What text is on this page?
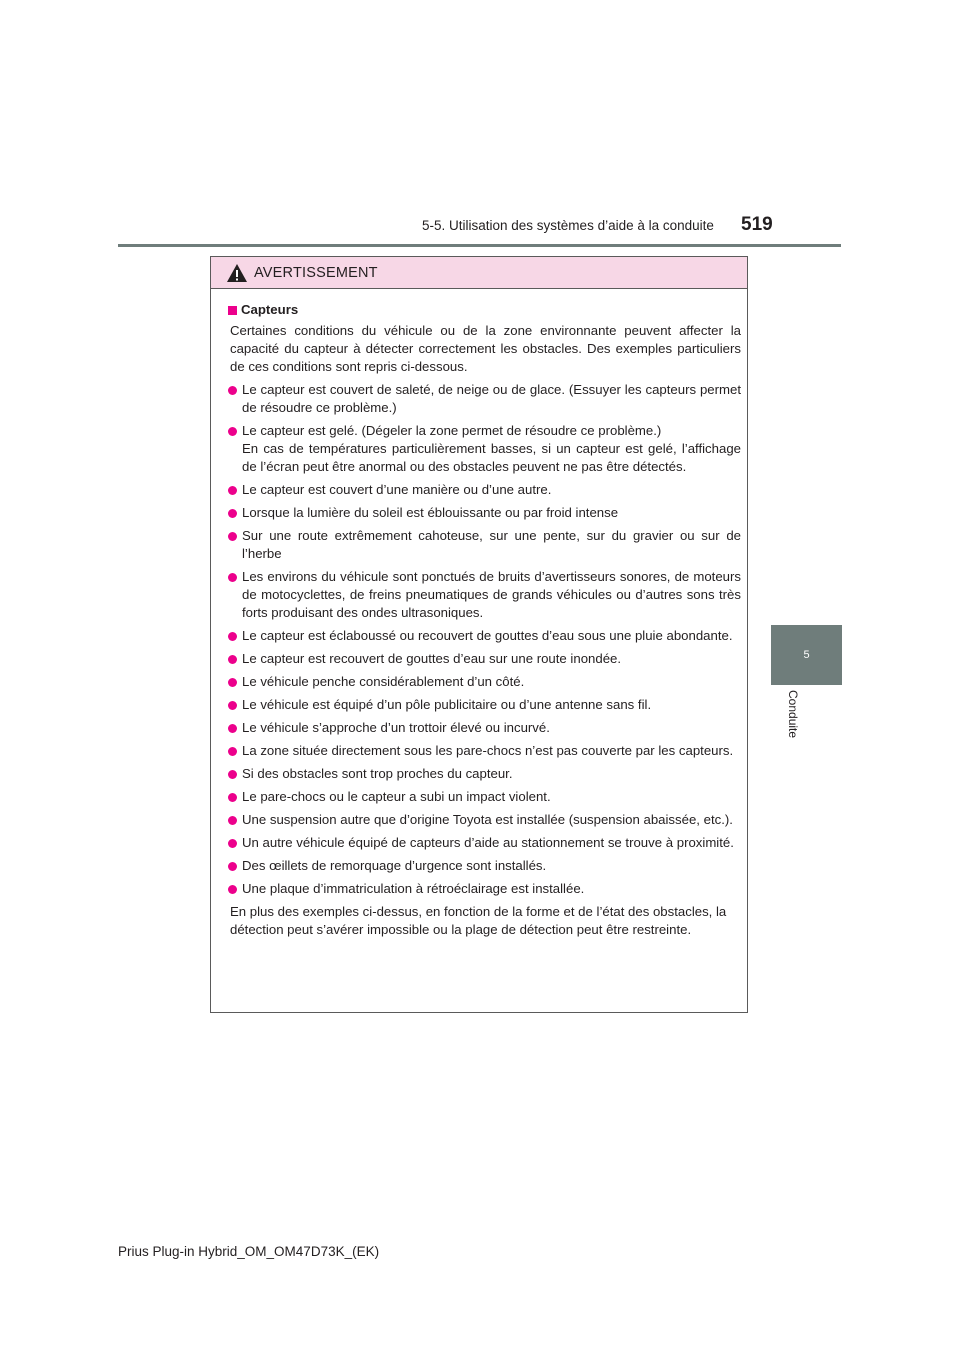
5-5. Utilisation des systèmes d’aide à la conduite 519
5
Conduite
AVERTISSEMENT
Capteurs
Certaines conditions du véhicule ou de la zone environnante peuvent affecter la capacité du capteur à détecter correctement les obstacles. Des exemples particuliers de ces conditions sont repris ci-dessous.
Le capteur est couvert de saleté, de neige ou de glace. (Essuyer les capteurs permet de résoudre ce problème.)
Le capteur est gelé. (Dégeler la zone permet de résoudre ce problème.)
En cas de températures particulièrement basses, si un capteur est gelé, l’affichage de l’écran peut être anormal ou des obstacles peuvent ne pas être détectés.
Le capteur est couvert d’une manière ou d’une autre.
Lorsque la lumière du soleil est éblouissante ou par froid intense
Sur une route extrêmement cahoteuse, sur une pente, sur du gravier ou sur de l’herbe
Les environs du véhicule sont ponctués de bruits d’avertisseurs sonores, de moteurs de motocyclettes, de freins pneumatiques de grands véhicules ou d’autres sons très forts produisant des ondes ultrasoniques.
Le capteur est éclaboussé ou recouvert de gouttes d’eau sous une pluie abondante.
Le capteur est recouvert de gouttes d’eau sur une route inondée.
Le véhicule penche considérablement d’un côté.
Le véhicule est équipé d’un pôle publicitaire ou d’une antenne sans fil.
Le véhicule s’approche d’un trottoir élevé ou incurvé.
La zone située directement sous les pare-chocs n’est pas couverte par les capteurs.
Si des obstacles sont trop proches du capteur.
Le pare-chocs ou le capteur a subi un impact violent.
Une suspension autre que d’origine Toyota est installée (suspension abaissée, etc.).
Un autre véhicule équipé de capteurs d’aide au stationnement se trouve à proximité.
Des œillets de remorquage d’urgence sont installés.
Une plaque d’immatriculation à rétroéclairage est installée.
En plus des exemples ci-dessus, en fonction de la forme et de l’état des obstacles, la détection peut s’avérer impossible ou la plage de détection peut être restreinte.
Prius Plug-in Hybrid_OM_OM47D73K_(EK)
